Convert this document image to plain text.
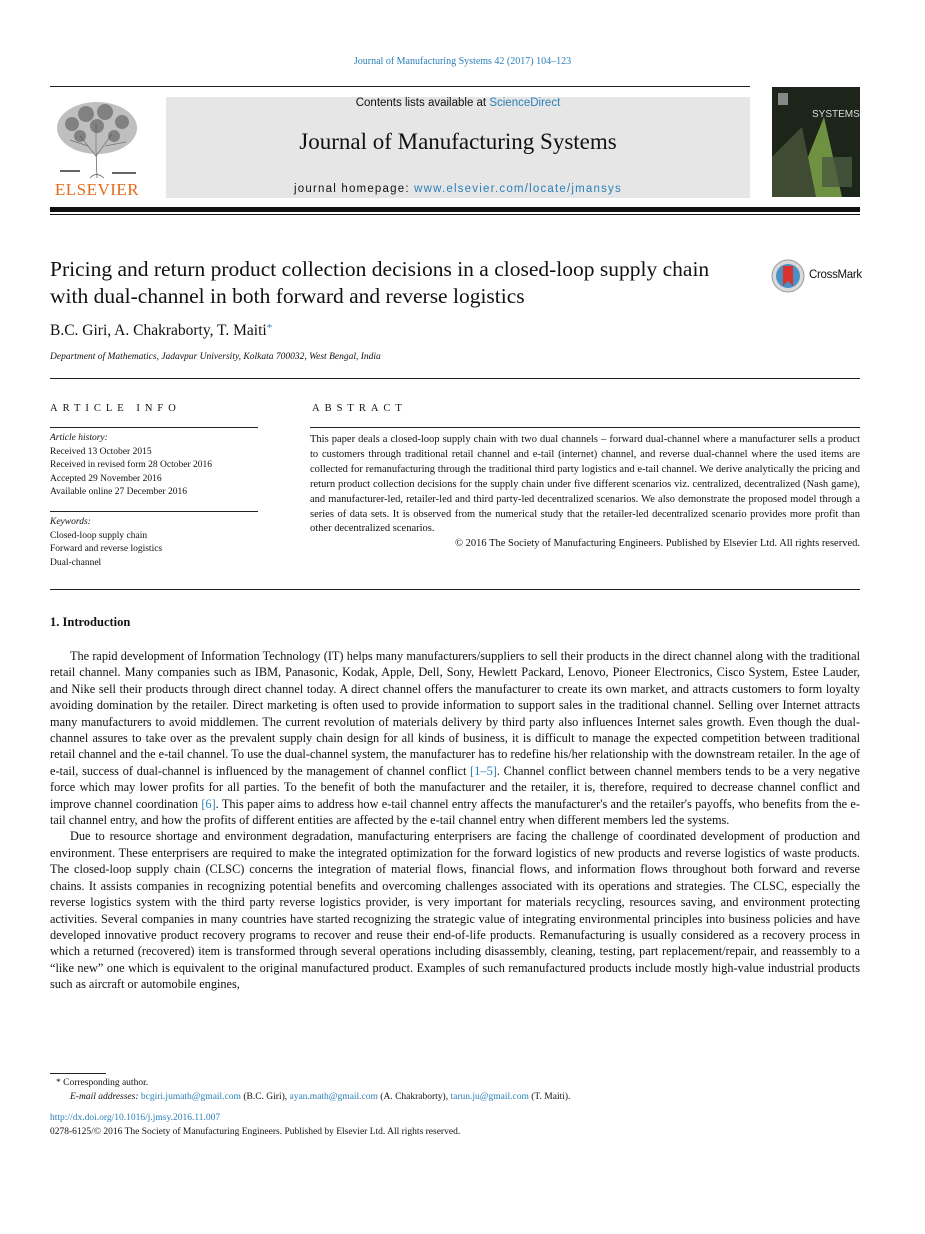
Journal of Manufacturing Systems 42 (2017) 104–123
ELSEVIER
Contents lists available at ScienceDirect
Journal of Manufacturing Systems
journal homepage: www.elsevier.com/locate/jmansys
SYSTEMS
Pricing and return product collection decisions in a closed-loop supply chain with dual-channel in both forward and reverse logistics
CrossMark
B.C. Giri, A. Chakraborty, T. Maiti*
Department of Mathematics, Jadavpur University, Kolkata 700032, West Bengal, India
ARTICLE INFO	ABSTRACT
Article history:
Received 13 October 2015
Received in revised form 28 October 2016
Accepted 29 November 2016
Available online 27 December 2016
Keywords:
Closed-loop supply chain
Forward and reverse logistics
Dual-channel
This paper deals a closed-loop supply chain with two dual channels – forward dual-channel where a manufacturer sells a product to customers through traditional retail channel and e-tail (internet) channel, and reverse dual-channel where the used items are collected for remanufacturing through the traditional third party logistics and e-tail channel. We derive analytically the pricing and return product collection decisions for the supply chain under five different scenarios viz. centralized, decentralized (Nash game), and manufacturer-led, retailer-led and third party-led decentralized scenarios. We also demonstrate the proposed model through a series of data sets. It is observed from the numerical study that the retailer-led decentralized scenario provides more profit than other decentralized scenarios.
© 2016 The Society of Manufacturing Engineers. Published by Elsevier Ltd. All rights reserved.
1. Introduction

The rapid development of Information Technology (IT) helps many manufacturers/suppliers to sell their products in the direct channel along with the traditional retail channel. Many companies such as IBM, Panasonic, Kodak, Apple, Dell, Sony, Hewlett Packard, Lenovo, Pioneer Electronics, Cisco System, Estee Lauder, and Nike sell their products through direct channel today. A direct channel offers the manufacturer to create its own market, and attracts customers to form loyalty avoiding domination by the retailer. Direct marketing is often used to provide information to support sales in the traditional channel. Selling over Internet attracts many manufacturers to avoid middlemen. The current revolution of materials delivery by third party also influences Internet sales growth. Even though the dual-channel assures to take over as the prevalent supply chain design for all kinds of business, it is difficult to manage the expected competition between traditional retail channel and the e-tail channel. To use the dual-channel system, the manufacturer has to redefine his/her relationship with the downstream retailer. In the age of e-tail, success of dual-channel is influenced by the management of channel conflict [1–5]. Channel conflict between channel members tends to be a very negative force which may lower profits for all parties. To the benefit of both the manufacturer and the retailer, it is, therefore, required to decrease channel conflict and improve channel coordination [6]. This paper aims to address how e-tail channel entry affects the manufacturer's and the retailer's payoffs, who benefits from the e-tail channel entry, and how the profits of different entities are affected by the e-tail channel entry when different members led the systems.

Due to resource shortage and environment degradation, manufacturing enterprisers are facing the challenge of coordinated development of production and environment. These enterprisers are required to make the integrated optimization for the forward logistics of new products and reverse logistics of waste products. The closed-loop supply chain (CLSC) concerns the integration of material flows, financial flows, and information flows throughout both forward and reverse chains. It assists companies in recognizing potential benefits and overcoming challenges associated with its operations and strategies. The CLSC, especially the reverse logistics system with the third party reverse logistics provider, is very important for materials recycling, resources saving, and environment protecting activities. Several companies in many countries have started recognizing the strategic value of integrating environmental principles into business policies and have developed innovative product recovery programs to recover and reuse their end-of-life products. Remanufacturing is usually considered as a recovery process in which a returned (recovered) item is transformed through several operations including disassembly, cleaning, testing, part replacement/repair, and reassembly to a “like new” one which is equivalent to the original manufactured product. Examples of such remanufactured products include mostly high-value industrial products such as aircraft or automobile engines,

* Corresponding author.
E-mail addresses: bcgiri.jumath@gmail.com (B.C. Giri), ayan.math@gmail.com (A. Chakraborty), tarun.ju@gmail.com (T. Maiti).
http://dx.doi.org/10.1016/j.jmsy.2016.11.007
0278-6125/© 2016 The Society of Manufacturing Engineers. Published by Elsevier Ltd. All rights reserved.
